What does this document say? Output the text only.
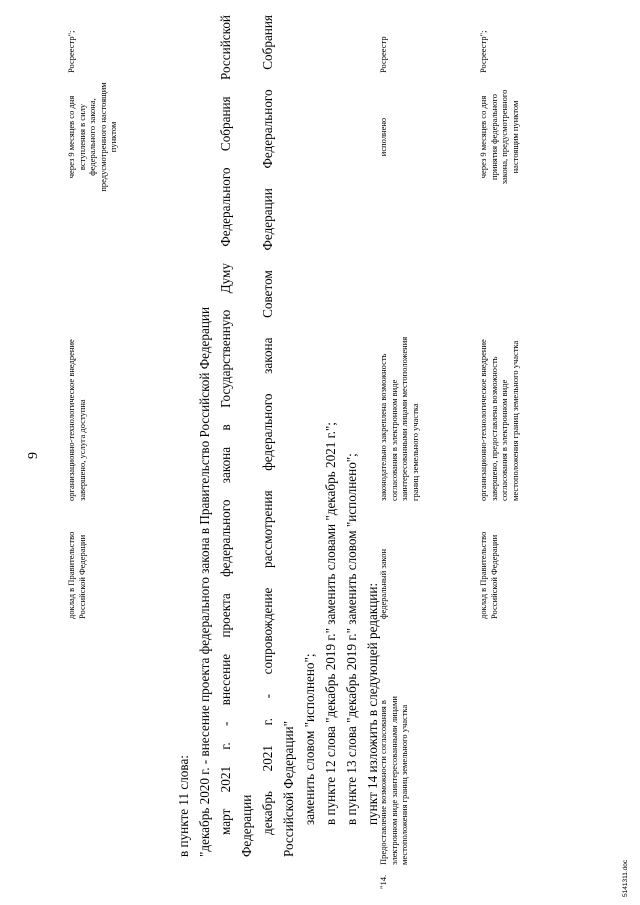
9
доклад в Правительство Российской Федерации
организационно-технологическое внедрение завершено, услуга доступна
через 9 месяцев со дня вступления в силу федерального закона, предусмотренного настоящим пунктом
Росреестр";
в пункте 11 слова: "декабрь 2020 г. - внесение проекта федерального закона в Правительство Российской Федерации март 2021 г. - внесение проекта федерального закона в Государственную Думу Федерального Собрания Российской Федерации декабрь 2021 г. - сопровождение рассмотрения федерального закона Советом Федерации Федерального Собрания Российской Федерации" заменить словом "исполнено"; в пункте 12 слова "декабрь 2019 г." заменить словами "декабрь 2021 г."; в пункте 13 слова "декабрь 2019 г." заменить словом "исполнено"; пункт 14 изложить в следующей редакции:
"14.
Предоставление возможности согласования в электронном виде заинтересованными лицами местоположения границ земельного участка
федеральный закон
законодательно закреплена возможность согласования в электронном виде заинтересованными лицами местоположения границ земельного участка
исполнено
Росреестр
доклад в Правительство Российской Федерации
организационно-технологическое внедрение завершено, предоставлена возможность согласования в электронном виде местоположения границ земельного участка
через 9 месяцев со дня принятия федерального закона, предусмотренного настоящим пунктом
Росреестр";
5141311.doc
